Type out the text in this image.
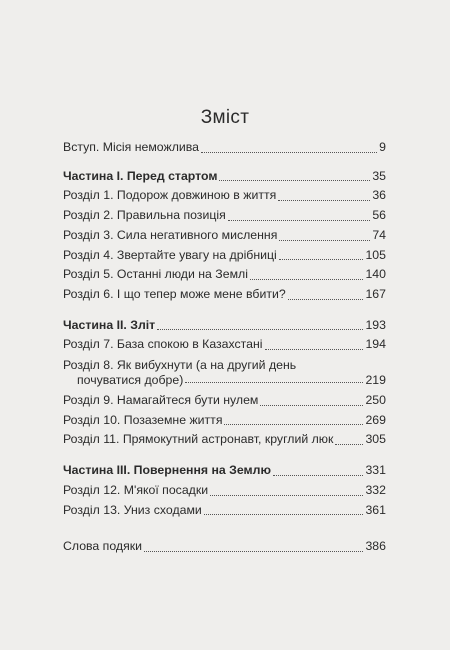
Зміст
Вступ. Місія неможлива	9
Частина I. Перед стартом	35
Розділ 1. Подорож довжиною в життя	36
Розділ 2. Правильна позиція	56
Розділ 3. Сила негативного мислення	74
Розділ 4. Звертайте увагу на дрібниці	105
Розділ 5. Останні люди на Землі	140
Розділ 6. І що тепер може мене вбити?	167
Частина II. Зліт	193
Розділ 7. База спокою в Казахстані	194
Розділ 8. Як вибухнути (а на другий день
почуватися добре)	219
Розділ 9. Намагайтеся бути нулем	250
Розділ 10. Позаземне життя	269
Розділ 11. Прямокутний астронавт, круглий люк	305
Частина III. Повернення на Землю	331
Розділ 12. М'якої посадки	332
Розділ 13. Униз сходами	361
Слова подяки	386
